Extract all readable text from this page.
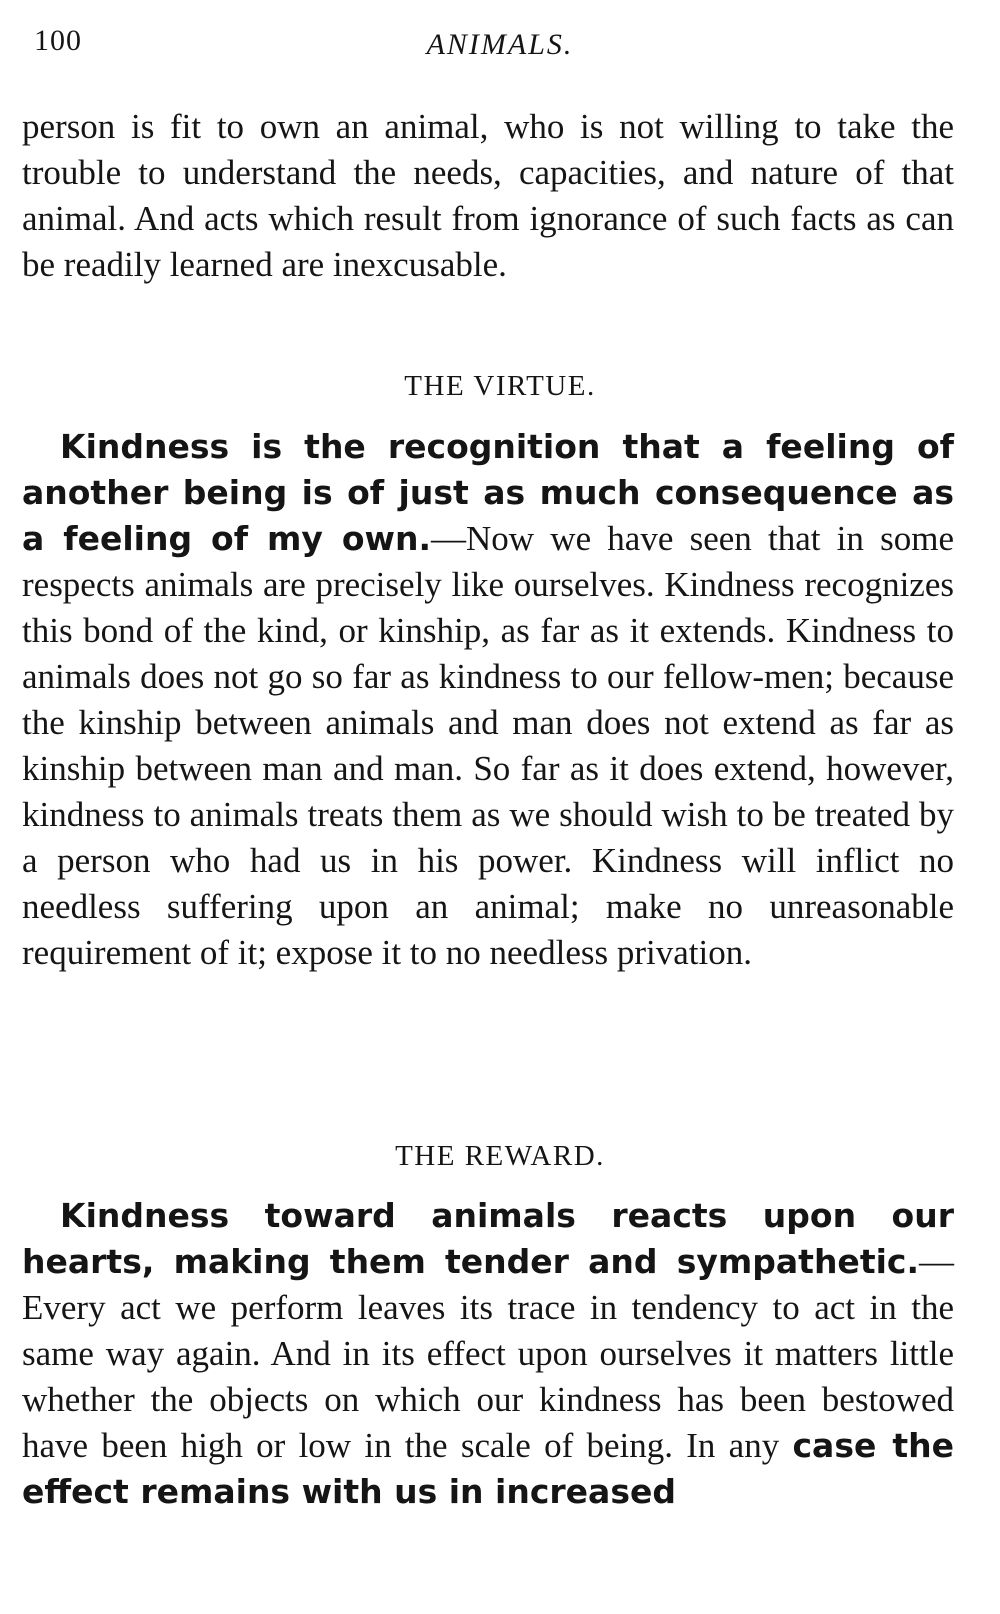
100	ANIMALS.
person is fit to own an animal, who is not willing to take the trouble to understand the needs, capacities, and nature of that animal. And acts which result from ignorance of such facts as can be readily learned are inexcusable.
THE VIRTUE.
Kindness is the recognition that a feeling of another being is of just as much consequence as a feeling of my own.—Now we have seen that in some respects animals are precisely like ourselves. Kindness recognizes this bond of the kind, or kinship, as far as it extends. Kindness to animals does not go so far as kindness to our fellow-men; because the kinship between animals and man does not extend as far as kinship between man and man. So far as it does extend, however, kindness to animals treats them as we should wish to be treated by a person who had us in his power. Kindness will inflict no needless suffering upon an animal; make no unreasonable requirement of it; expose it to no needless privation.
THE REWARD.
Kindness toward animals reacts upon our hearts, making them tender and sympathetic.— Every act we perform leaves its trace in tendency to act in the same way again. And in its effect upon ourselves it matters little whether the objects on which our kindness has been bestowed have been high or low in the scale of being. In any case the effect remains with us in increased
